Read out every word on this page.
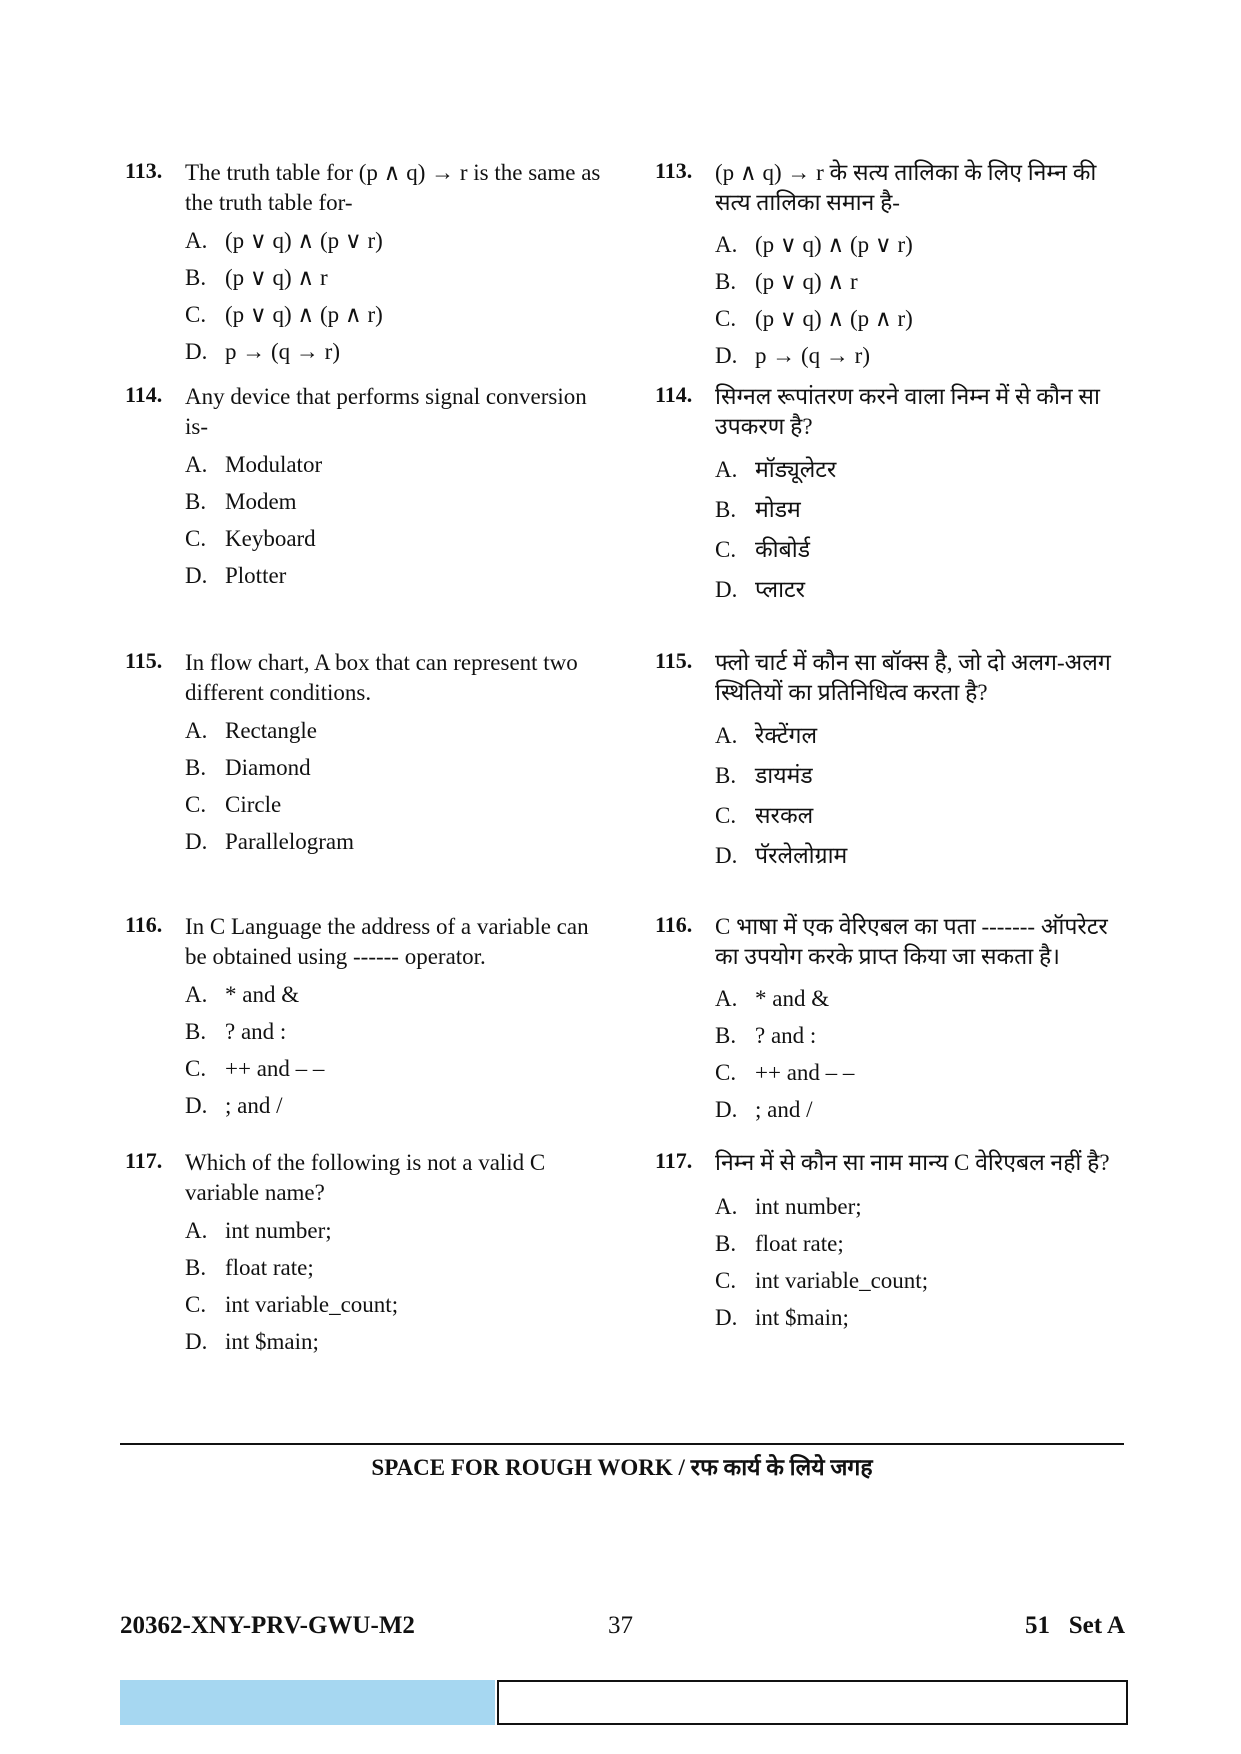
113. The truth table for (p ∧ q) → r is the same as the truth table for-
A. (p ∨ q) ∧ (p ∨ r)
B. (p ∨ q) ∧ r
C. (p ∨ q) ∧ (p ∧ r)
D. p → (q → r)
114. Any device that performs signal conversion is-
A. Modulator
B. Modem
C. Keyboard
D. Plotter
115. In flow chart, A box that can represent two different conditions.
A. Rectangle
B. Diamond
C. Circle
D. Parallelogram
116. In C Language the address of a variable can be obtained using ------ operator.
A. * and &
B. ? and :
C. ++ and – –
D. ; and /
117. Which of the following is not a valid C variable name?
A. int number;
B. float rate;
C. int variable_count;
D. int $main;
113. (p ∧ q) → r के सत्य तालिका के लिए निम्न की सत्य तालिका समान है-
A. (p ∨ q) ∧ (p ∨ r)
B. (p ∨ q) ∧ r
C. (p ∨ q) ∧ (p ∧ r)
D. p → (q → r)
114. सिग्नल रूपांतरण करने वाला निम्न में से कौन सा उपकरण है?
A. मॉड्यूलेटर
B. मोडम
C. कीबोर्ड
D. प्लाटर
115. फ्लो चार्ट में कौन सा बॉक्स है, जो दो अलग-अलग स्थितियों का प्रतिनिधित्व करता है?
A. रेक्टेंगल
B. डायमंड
C. सरकल
D. पॅरलेलोग्राम
116. C भाषा में एक वेरिएबल का पता ------- ऑपरेटर का उपयोग करके प्राप्त किया जा सकता है।
A. * and &
B. ? and :
C. ++ and – –
D. ; and /
117. निम्न में से कौन सा नाम मान्य C वेरिएबल नहीं है?
A. int number;
B. float rate;
C. int variable_count;
D. int $main;
SPACE FOR ROUGH WORK / रफ कार्य के लिये जगह
20362-XNY-PRV-GWU-M2	37	51   Set A
